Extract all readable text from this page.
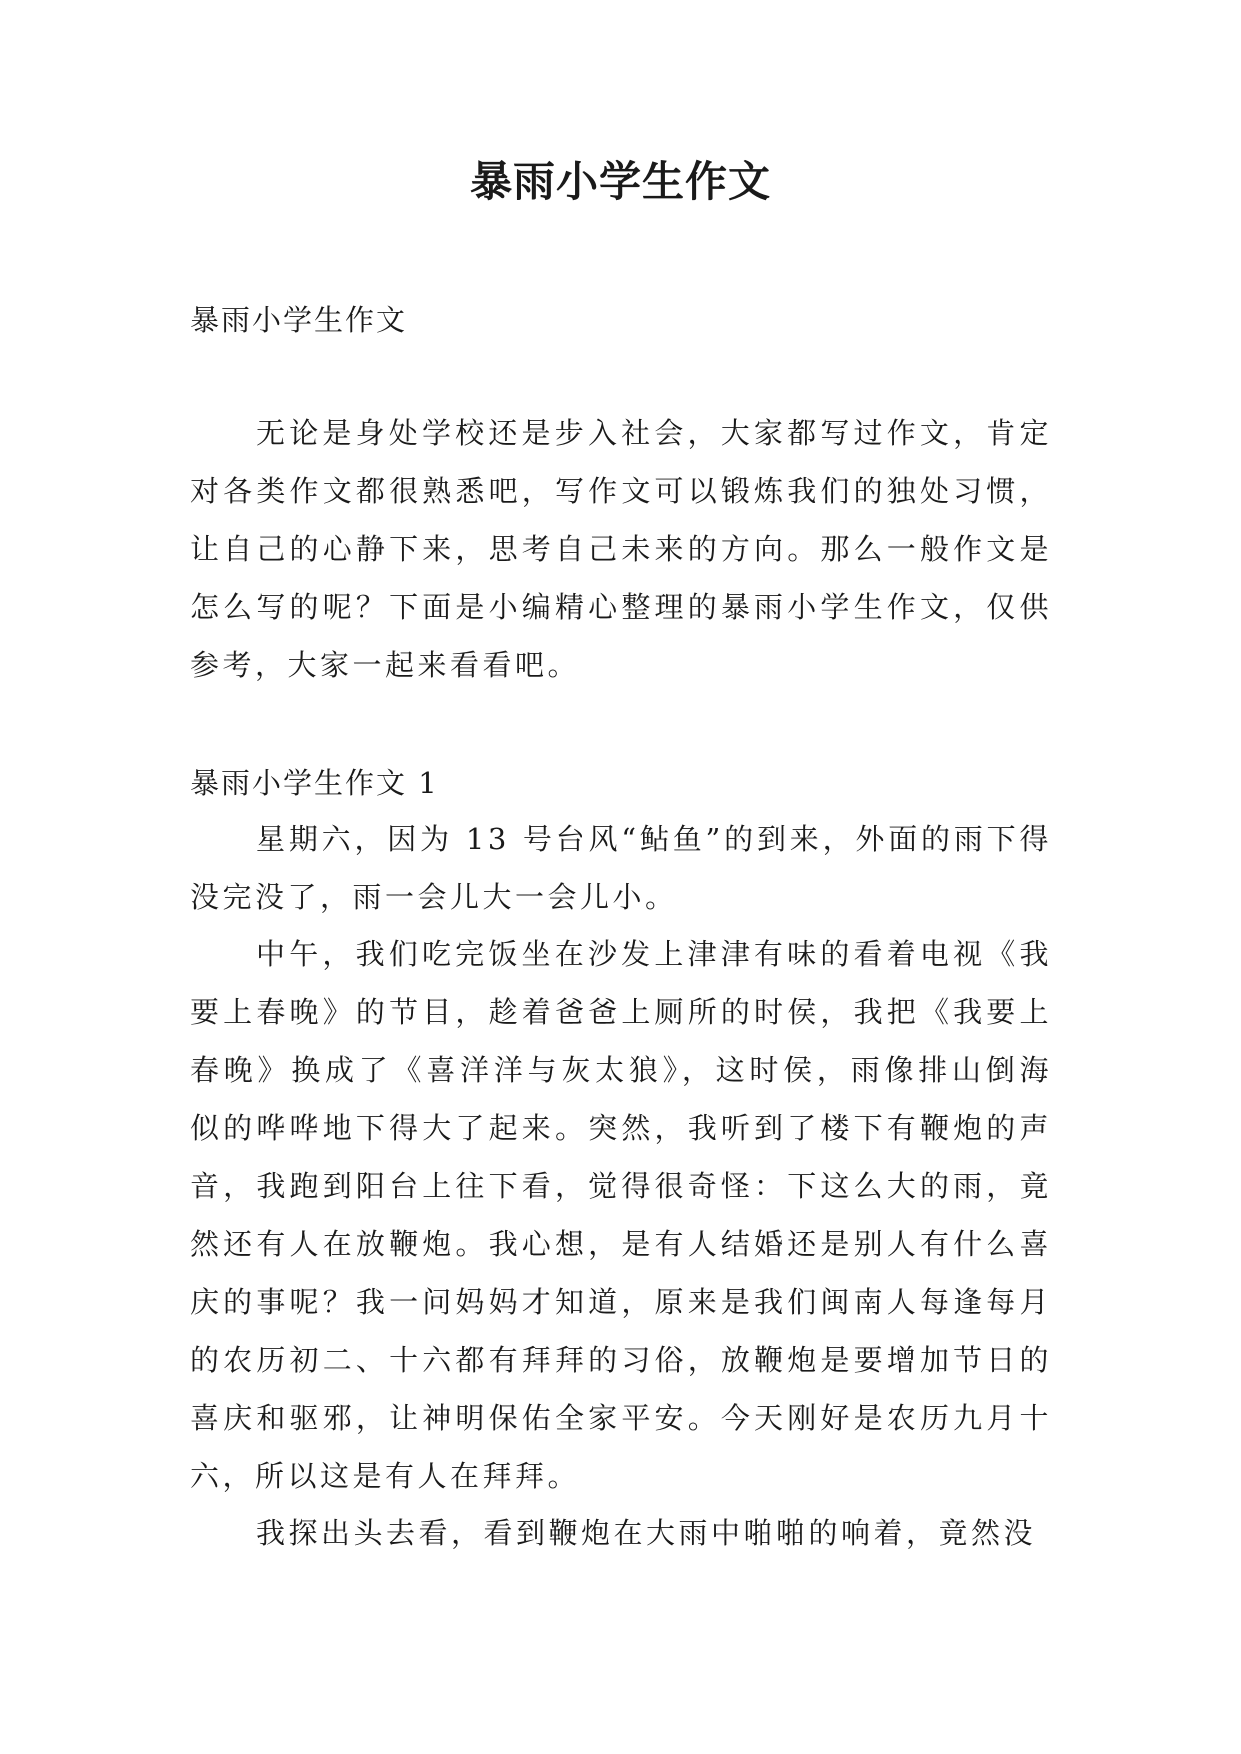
暴雨小学生作文

暴雨小学生作文

无论是身处学校还是步入社会，大家都写过作文，肯定对各类作文都很熟悉吧，写作文可以锻炼我们的独处习惯，让自己的心静下来，思考自己未来的方向。那么一般作文是怎么写的呢？下面是小编精心整理的暴雨小学生作文，仅供参考，大家一起来看看吧。

暴雨小学生作文 1

星期六，因为 13 号台风“鲇鱼”的到来，外面的雨下得没完没了，雨一会儿大一会儿小。

中午，我们吃完饭坐在沙发上津津有味的看着电视《我要上春晚》的节目，趁着爸爸上厕所的时侯，我把《我要上春晚》换成了《喜洋洋与灰太狼》，这时侯，雨像排山倒海似的哗哗地下得大了起来。突然，我听到了楼下有鞭炮的声音，我跑到阳台上往下看，觉得很奇怪：下这么大的雨，竟然还有人在放鞭炮。我心想，是有人结婚还是别人有什么喜庆的事呢？我一问妈妈才知道，原来是我们闽南人每逢每月的农历初二、十六都有拜拜的习俗，放鞭炮是要增加节日的喜庆和驱邪，让神明保佑全家平安。今天刚好是农历九月十六，所以这是有人在拜拜。

我探出头去看，看到鞭炮在大雨中啪啪的响着，竟然没
